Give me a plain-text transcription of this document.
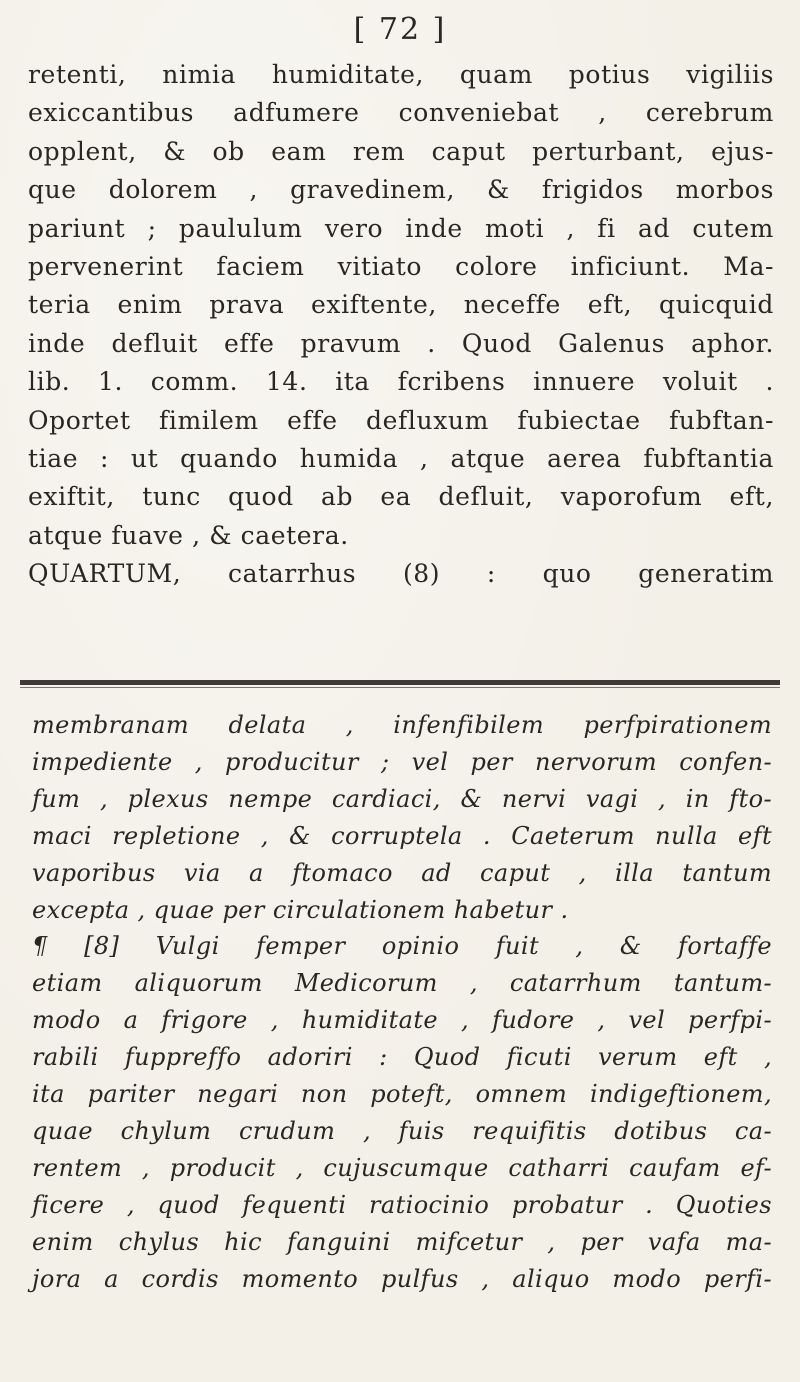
[ 72 ]
retenti, nimia humiditate, quam potius vigiliis
exiccantibus adfumere conveniebat , cerebrum
opplent, & ob eam rem caput perturbant, ejus-
que dolorem , gravedinem, & frigidos morbos
pariunt ; paululum vero inde moti , fi ad cutem
pervenerint faciem vitiato colore inficiunt. Ma-
teria enim prava exiftente, neceffe eft, quicquid
inde defluit effe pravum . Quod Galenus aphor.
lib. 1. comm. 14. ita fcribens innuere voluit .
Oportet fimilem effe defluxum fubiectae fubftan-
tiae : ut quando humida , atque aerea fubftantia
exiftit, tunc quod ab ea defluit, vaporofum eft,
atque fuave , & caetera.
QUARTUM, catarrhus (8) : quo generatim
membranam delata , infenfibilem perfpirationem
impediente , producitur ; vel per nervorum confen-
fum , plexus nempe cardiaci, & nervi vagi , in fto-
maci repletione , & corruptela . Caeterum nulla eft
vaporibus via a ftomaco ad caput , illa tantum
excepta , quae per circulationem habetur .
¶ [8] Vulgi femper opinio fuit , & fortaffe
etiam aliquorum Medicorum , catarrhum tantum-
modo a frigore , humiditate , fudore , vel perfpi-
rabili fuppreffo adoriri : Quod ficuti verum eft ,
ita pariter negari non poteft, omnem indigeftionem,
quae chylum crudum , fuis requifitis dotibus ca-
rentem , producit , cujuscumque catharri caufam ef-
ficere , quod fequenti ratiocinio probatur . Quoties
enim chylus hic fanguini mifcetur , per vafa ma-
jora a cordis momento pulfus , aliquo modo perfi-
